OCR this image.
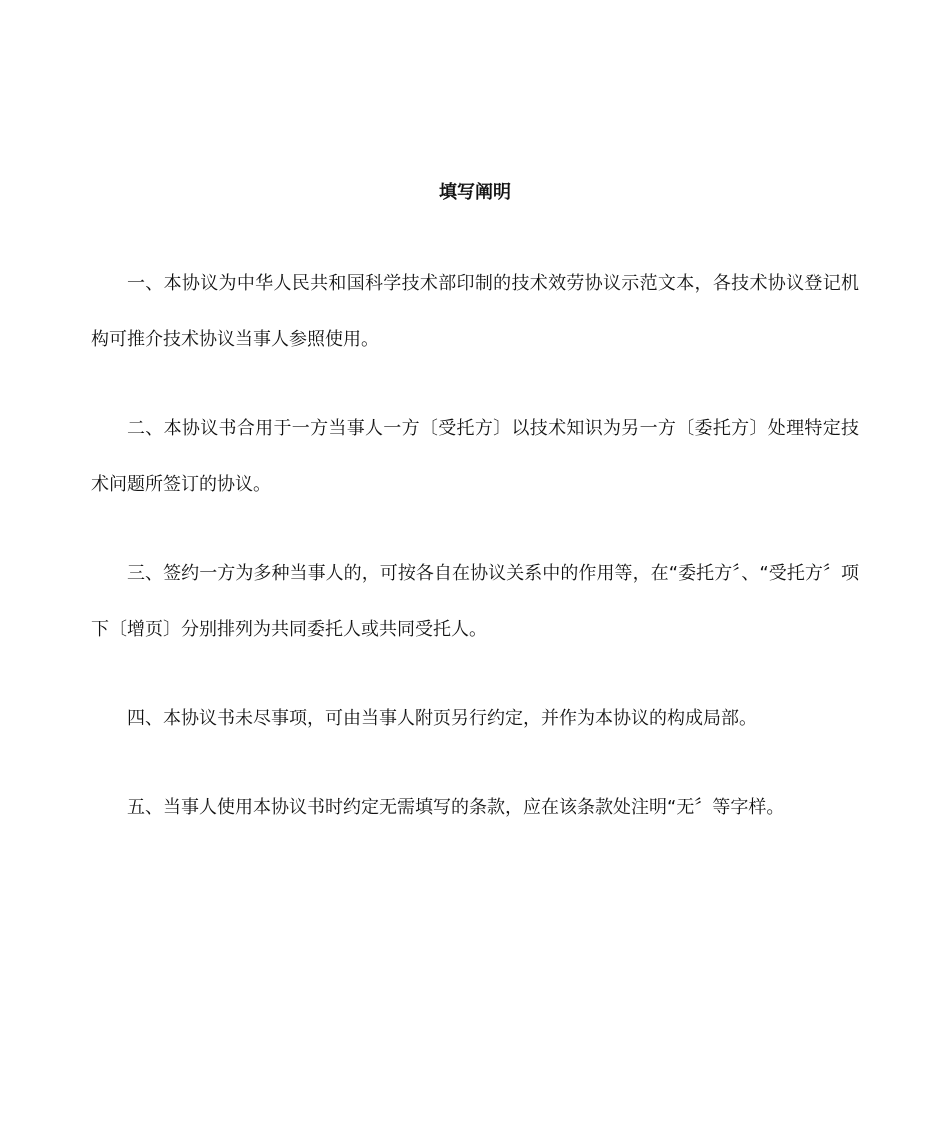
填写阐明

一、本协议为中华人民共和国科学技术部印制的技术效劳协议示范文本，各技术协议登记机构可推介技术协议当事人参照使用。

二、本协议书合用于一方当事人一方〔受托方〕以技术知识为另一方〔委托方〕处理特定技术问题所签订的协议。

三、签约一方为多种当事人的，可按各自在协议关系中的作用等，在“委托方〞、“受托方〞项下〔增页〕分别排列为共同委托人或共同受托人。

四、本协议书未尽事项，可由当事人附页另行约定，并作为本协议的构成局部。

五、当事人使用本协议书时约定无需填写的条款，应在该条款处注明“无〞等字样。
